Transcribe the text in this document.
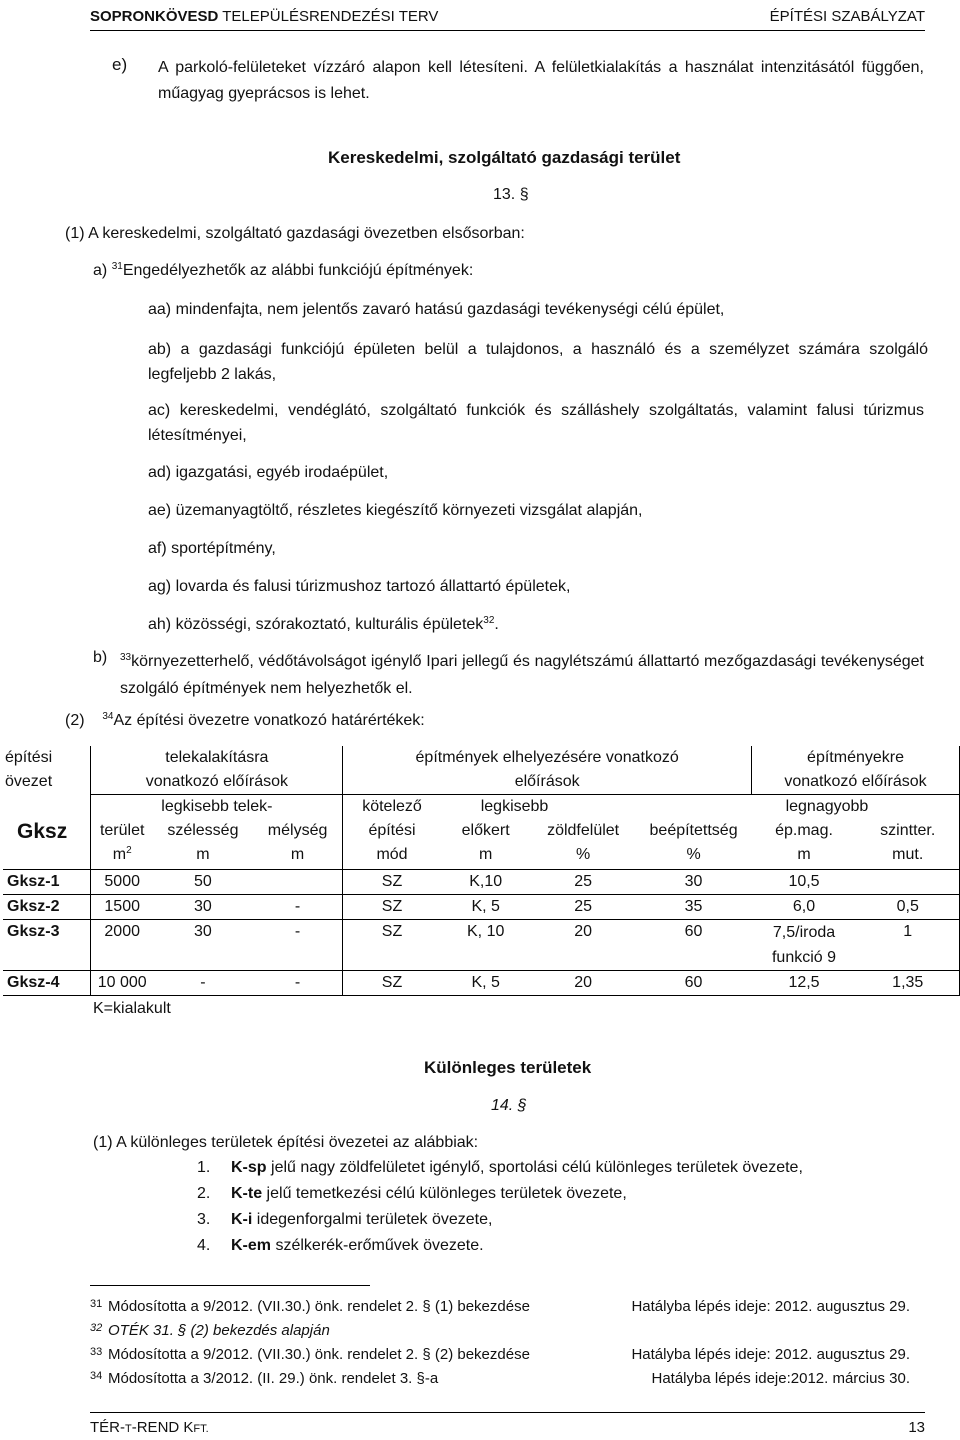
SOPRONKÖVESD TELEPÜLÉSRENDEZÉSI TERV	ÉPÍTÉSI SZABÁLYZAT
e) A parkoló-felületeket vízzáró alapon kell létesíteni. A felületkialakítás a használat intenzitásától függően, műagyag gyeprácsos is lehet.
Kereskedelmi, szolgáltató gazdasági terület
13. §
(1) A kereskedelmi, szolgáltató gazdasági övezetben elsősorban:
a) $^{31}$Engedélyezhetők az alábbi funkciójú építmények:
aa) mindenfajta, nem jelentős zavaró hatású gazdasági tevékenységi célú épület,
ab) a gazdasági funkciójú épületen belül a tulajdonos, a használó és a személyzet számára szolgáló legfeljebb 2 lakás,
ac) kereskedelmi, vendéglátó, szolgáltató funkciók és szálláshely szolgáltatás, valamint falusi túrizmus létesítményei,
ad) igazgatási, egyéb irodaépület,
ae) üzemanyagtöltő, részletes kiegészítő környezeti vizsgálat alapján,
af) sportépítmény,
ag) lovarda és falusi túrizmushoz tartozó állattartó épületek,
ah) közösségi, szórakoztató, kulturális épületek$^{32}$.
b) $^{33}$környezetterhelő, védőtávolságot igénylő Ipari jellegű és nagylétszámú állattartó mezőgazdasági tevékenységet szolgáló építmények nem helyezhetők el.
(2) $^{34}$Az építési övezetre vonatkozó határértékek:
építési övezet	telekalakításra vonatkozó előírások			építmények elhelyezésére vonatkozó előírások				építményekre vonatkozó előírások	
Gksz	legkisebb telek-			kötelező	legkisebb		legnagyobb		
	terület	szélesség	mélység	építési	előkert	zöldfelület	beépítettség	ép.mag.	szintter.
	$m^2$	m	m	mód	m	%	%	m	mut.
Gksz-1	5000	50		SZ	K,10	25	30	10,5	
Gksz-2	1500	30	-	SZ	K, 5	25	35	6,0	0,5
Gksz-3	2000	30	-	SZ	K, 10	20	60	7,5/iroda funkció 9	1
Gksz-4	10 000	-	-	SZ	K, 5	20	60	12,5	1,35
K=kialakult
Különleges területek
14. §
(1) A különleges területek építési övezetei az alábbiak:
1. K-sp jelű nagy zöldfelületet igénylő, sportolási célú különleges területek övezete,
2. K-te jelű temetkezési célú különleges területek övezete,
3. K-i idegenforgalmi területek övezete,
4. K-em szélkerék-erőművek övezete.
31 Módosította a 9/2012. (VII.30.) önk. rendelet 2. § (1) bekezdése	Hatályba lépés ideje: 2012. augusztus 29.
32 OTÉK 31. § (2) bekezdés alapján
33 Módosította a 9/2012. (VII.30.) önk. rendelet 2. § (2) bekezdése	Hatályba lépés ideje: 2012. augusztus 29.
34 Módosította a 3/2012. (II. 29.) önk. rendelet 3. §-a	Hatályba lépés ideje:2012. március 30.
TÉR-T-REND KFT.	13
